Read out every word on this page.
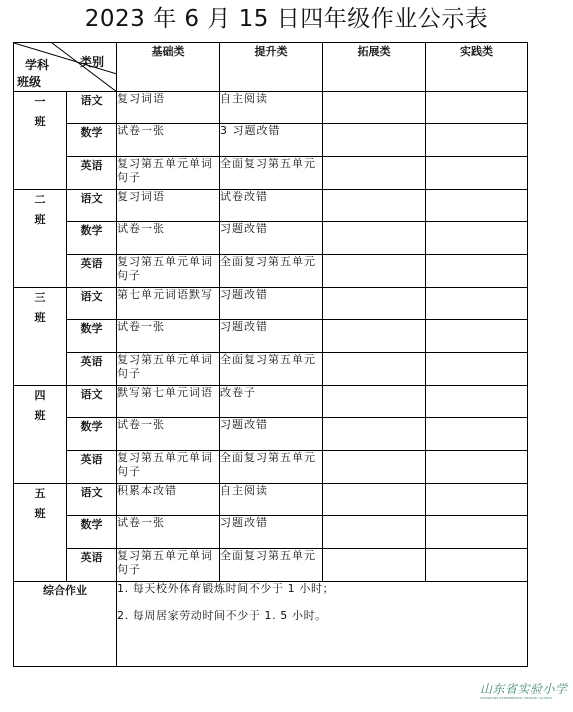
2023 年 6 月 15 日四年级作业公示表
学科 类别
班级		基础类	提升类	拓展类	实践类
一
班	语文	复习词语	自主阅读		
	数学	试卷一张	3 习题改错		
	英语	复习第五单元单词句子	全面复习第五单元		
二
班	语文	复习词语	试卷改错		
	数学	试卷一张	习题改错		
	英语	复习第五单元单词句子	全面复习第五单元		
三
班	语文	第七单元词语默写	习题改错		
	数学	试卷一张	习题改错		
	英语	复习第五单元单词句子	全面复习第五单元		
四
班	语文	默写第七单元词语	改卷子		
	数学	试卷一张	习题改错		
	英语	复习第五单元单词句子	全面复习第五单元		
五
班	语文	积累本改错	自主阅读		
	数学	试卷一张	习题改错		
	英语	复习第五单元单词句子	全面复习第五单元		
综合作业		1. 每天校外体育锻炼时间不少于 1 小时；
2. 每周居家劳动时间不少于 1. 5 小时。			
山东省实验小学
SHANDONG EXPERIMENTAL PRIMARY SCHOOL
